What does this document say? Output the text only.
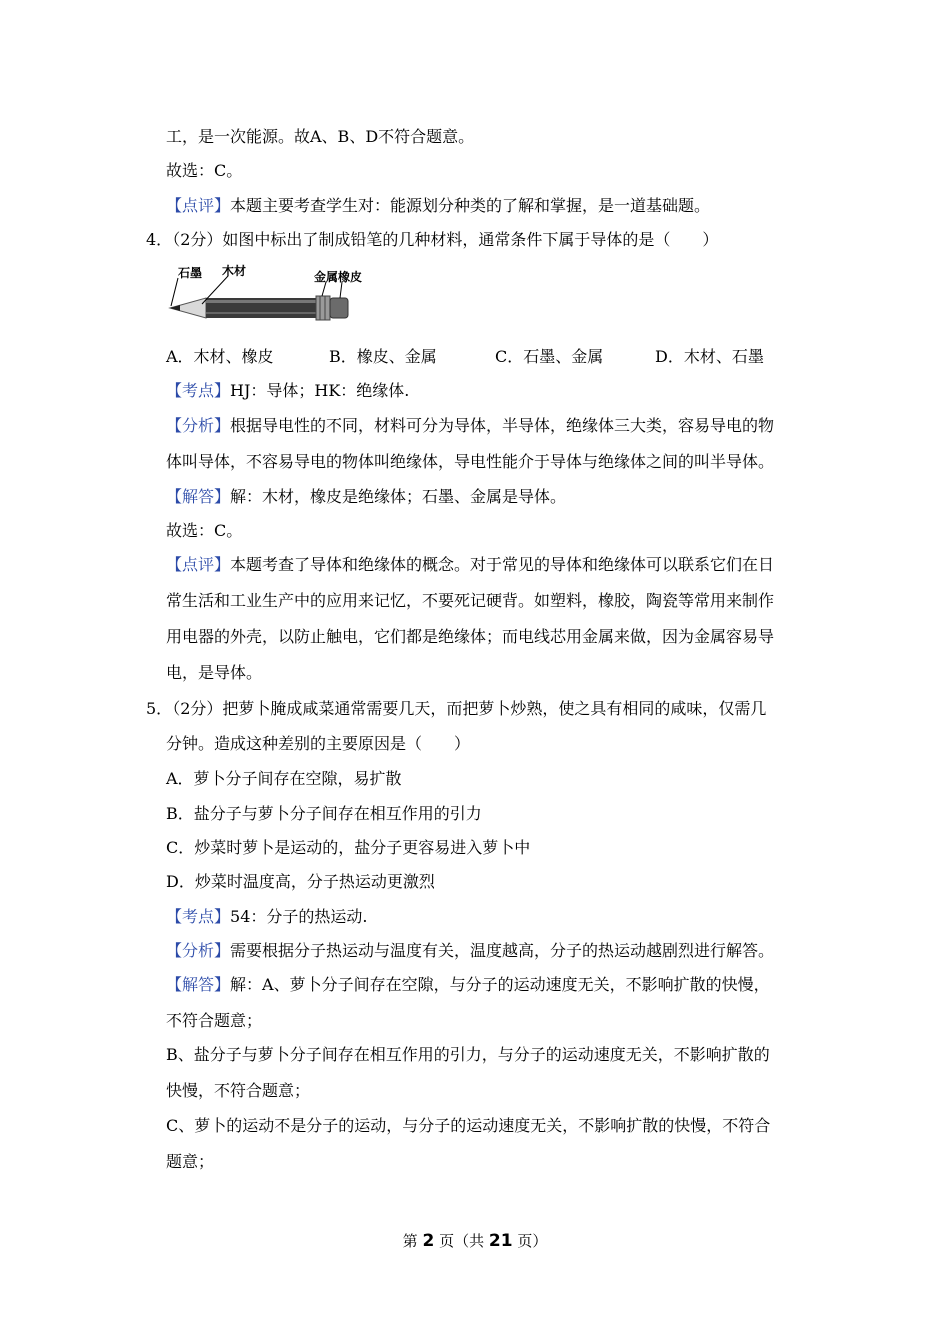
工，是一次能源。故A、B、D不符合题意。
故选：C。
【点评】本题主要考查学生对：能源划分种类的了解和掌握，是一道基础题。
4．（2分）如图中标出了制成铅笔的几种材料，通常条件下属于导体的是（　　）
石墨 木材	金属 橡皮
A．木材、橡皮	B．橡皮、金属	C．石墨、金属	D．木材、石墨
【考点】HJ：导体；HK：绝缘体.
【分析】根据导电性的不同，材料可分为导体，半导体，绝缘体三大类，容易导电的物
体叫导体，不容易导电的物体叫绝缘体，导电性能介于导体与绝缘体之间的叫半导体。
【解答】解：木材，橡皮是绝缘体；石墨、金属是导体。
故选：C。
【点评】本题考查了导体和绝缘体的概念。对于常见的导体和绝缘体可以联系它们在日
常生活和工业生产中的应用来记忆，不要死记硬背。如塑料，橡胶，陶瓷等常用来制作
用电器的外壳，以防止触电，它们都是绝缘体；而电线芯用金属来做，因为金属容易导
电，是导体。
5．（2分）把萝卜腌成咸菜通常需要几天，而把萝卜炒熟，使之具有相同的咸味，仅需几
分钟。造成这种差别的主要原因是（　　）
A．萝卜分子间存在空隙，易扩散
B．盐分子与萝卜分子间存在相互作用的引力
C．炒菜时萝卜是运动的，盐分子更容易进入萝卜中
D．炒菜时温度高，分子热运动更激烈
【考点】54：分子的热运动.
【分析】需要根据分子热运动与温度有关，温度越高，分子的热运动越剧烈进行解答。
【解答】解：A、萝卜分子间存在空隙，与分子的运动速度无关，不影响扩散的快慢，
不符合题意；
B、盐分子与萝卜分子间存在相互作用的引力，与分子的运动速度无关，不影响扩散的
快慢，不符合题意；
C、萝卜的运动不是分子的运动，与分子的运动速度无关，不影响扩散的快慢，不符合
题意；
第 2 页（共 21 页）
